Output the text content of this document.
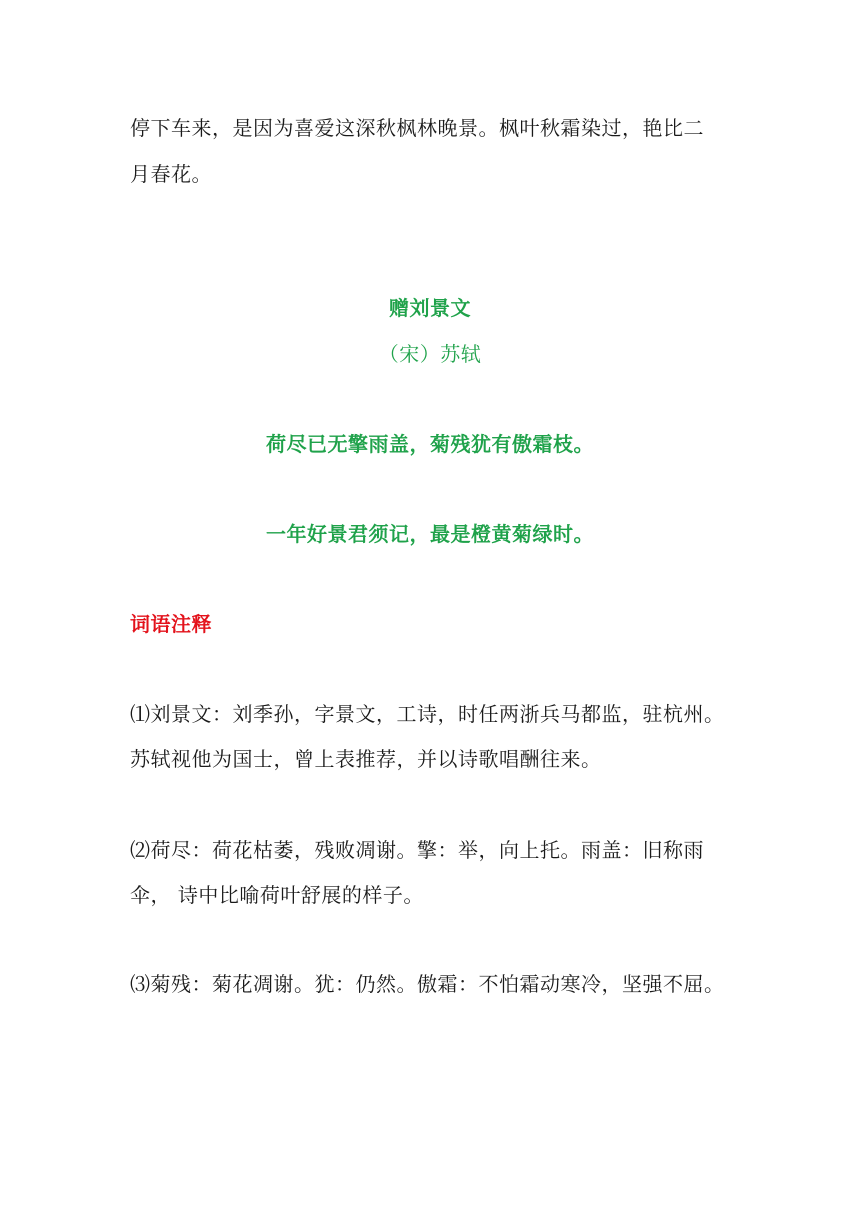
停下车来，是因为喜爱这深秋枫林晚景。枫叶秋霜染过，艳比二

月春花。

赠刘景文

（宋）苏轼

荷尽已无擎雨盖，菊残犹有傲霜枝。

一年好景君须记，最是橙黄菊绿时。

词语注释

⑴刘景文：刘季孙，字景文，工诗，时任两浙兵马都监，驻杭州。

苏轼视他为国士，曾上表推荐，并以诗歌唱酬往来。

⑵荷尽：荷花枯萎，残败凋谢。擎：举，向上托。雨盖：旧称雨

伞， 诗中比喻荷叶舒展的样子。

⑶菊残：菊花凋谢。犹：仍然。傲霜：不怕霜动寒冷，坚强不屈。
